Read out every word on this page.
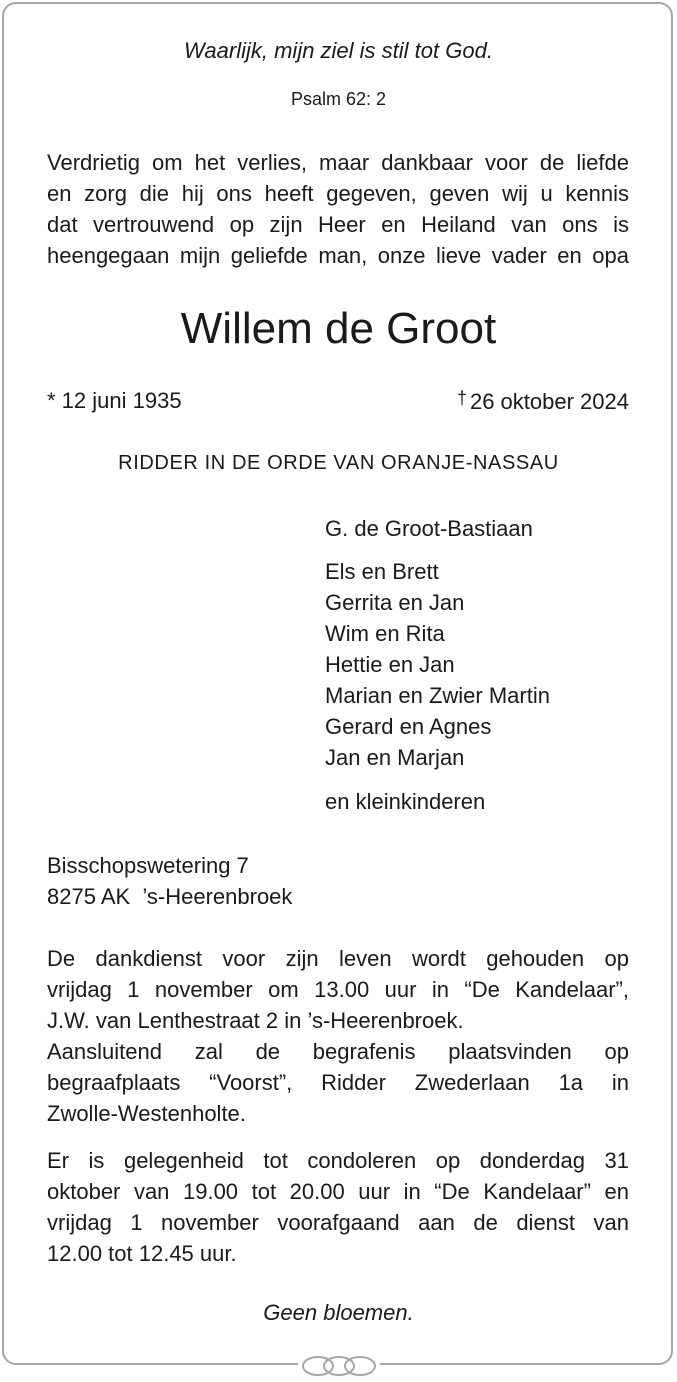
Waarlijk, mijn ziel is stil tot God.

Psalm 62: 2

Verdrietig om het verlies, maar dankbaar voor de liefde
en zorg die hij ons heeft gegeven, geven wij u kennis
dat vertrouwend op zijn Heer en Heiland van ons is
heengegaan mijn geliefde man, onze lieve vader en opa

Willem de Groot

* 12 juni 1935	† 26 oktober 2024

RIDDER IN DE ORDE VAN ORANJE-NASSAU

G. de Groot-Bastiaan
Els en Brett
Gerrita en Jan
Wim en Rita
Hettie en Jan
Marian en Zwier Martin
Gerard en Agnes
Jan en Marjan

en kleinkinderen

Bisschopswetering 7
8275 AK  ’s-Heerenbroek
De dankdienst voor zijn leven wordt gehouden op
vrijdag 1 november om 13.00 uur in “De Kandelaar”,
J.W. van Lenthestraat 2 in ’s-Heerenbroek.
Aansluitend zal de begrafenis plaatsvinden op
begraafplaats “Voorst”, Ridder Zwederlaan 1a in
Zwolle-Westenholte.
Er is gelegenheid tot condoleren op donderdag 31
oktober van 19.00 tot 20.00 uur in “De Kandelaar” en
vrijdag 1 november voorafgaand aan de dienst van
12.00 tot 12.45 uur.

Geen bloemen.
